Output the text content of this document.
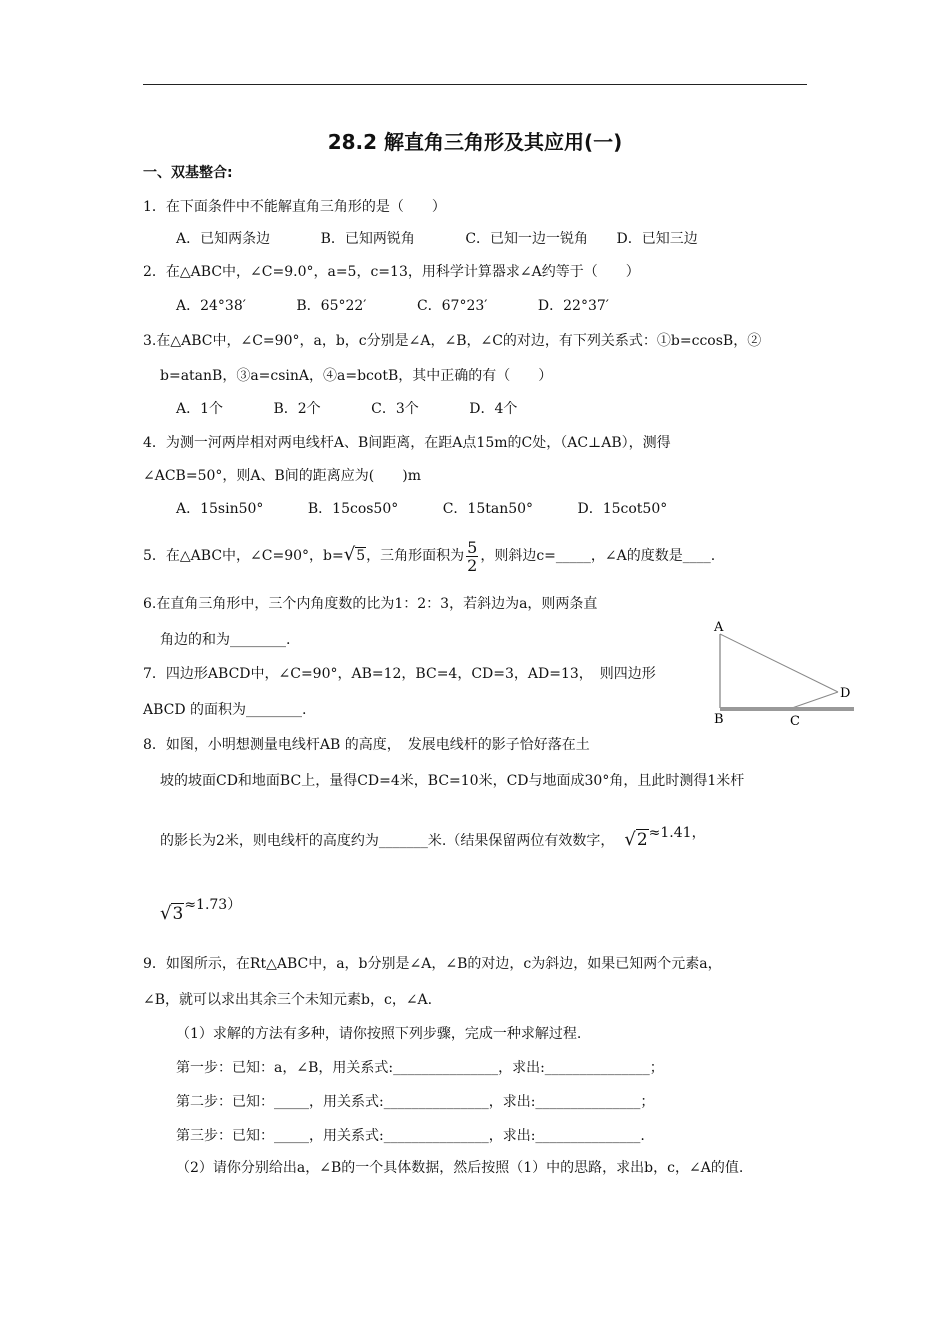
28.2 解直角三角形及其应用(一)
一、双基整合:
1．在下面条件中不能解直角三角形的是（　　）
A．已知两条边	B．已知两锐角	C．已知一边一锐角 D．已知三边
2．在△ABC中，∠C=9.0°，a=5，c=13，用科学计算器求∠A约等于（　　）
A．24°38′	B．65°22′	C．67°23′	D．22°37′
3.在△ABC中，∠C=90°，a，b，c分别是∠A，∠B，∠C的对边，有下列关系式：①b=ccosB，②
b=atanB，③a=csinA，④a=bcotB，其中正确的有（　　）
A．1个	B．2个	C．3个	D．4个
4．为测一河两岸相对两电线杆A、B间距离，在距A点15m的C处，（AC⊥AB），测得
∠ACB=50°，则A、B间的距离应为(　　)m
A．15sin50°	B．15cos50°	C．15tan50°	D．15cot50°
5．在△ABC中，∠C=90°，b=√5，三角形面积为 $\frac{5}{2}$ ，则斜边c=_____，∠A的度数是____.
6.在直角三角形中，三个内角度数的比为1：2：3，若斜边为a，则两条直
角边的和为________.
7．四边形ABCD中，∠C=90°，AB=12，BC=4，CD=3，AD=13，　则四边形
ABCD 的面积为________.
A
B	C
D
8．如图，小明想测量电线杆AB 的高度，　发展电线杆的影子恰好落在土
坡的坡面CD和地面BC上，量得CD=4米，BC=10米，CD与地面成30°角，且此时测得1米杆
的影长为2米，则电线杆的高度约为_______米.（结果保留两位有效数字， √2≈1.41，
√3≈1.73）
9．如图所示，在Rt△ABC中，a，b分别是∠A，∠B的对边，c为斜边，如果已知两个元素a，
∠B，就可以求出其余三个未知元素b，c，∠A.
（1）求解的方法有多种，请你按照下列步骤，完成一种求解过程.
第一步：已知：a，∠B，用关系式:_______________，求出:_______________；
第二步：已知：_____，用关系式:_______________，求出:_______________；
第三步：已知：_____，用关系式:_______________，求出:_______________.
（2）请你分别给出a，∠B的一个具体数据，然后按照（1）中的思路，求出b，c，∠A的值.
